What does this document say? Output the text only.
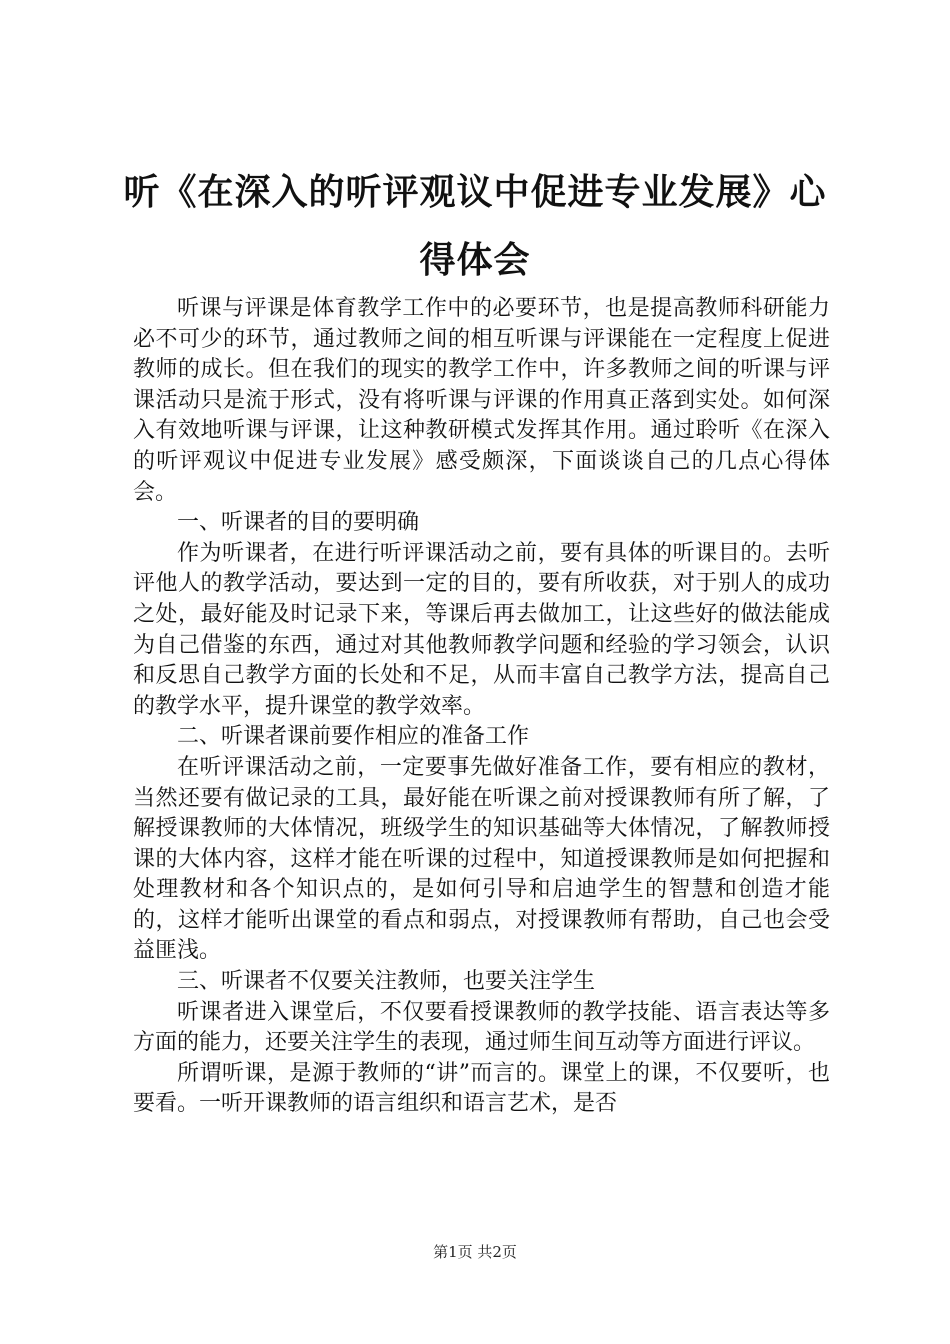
听《在深入的听评观议中促进专业发展》心得体会

听课与评课是体育教学工作中的必要环节，也是提高教师科研能力必不可少的环节，通过教师之间的相互听课与评课能在一定程度上促进教师的成长。但在我们的现实的教学工作中，许多教师之间的听课与评课活动只是流于形式，没有将听课与评课的作用真正落到实处。如何深入有效地听课与评课，让这种教研模式发挥其作用。通过聆听《在深入的听评观议中促进专业发展》感受颇深，下面谈谈自己的几点心得体会。

一、听课者的目的要明确

作为听课者，在进行听评课活动之前，要有具体的听课目的。去听评他人的教学活动，要达到一定的目的，要有所收获，对于别人的成功之处，最好能及时记录下来，等课后再去做加工，让这些好的做法能成为自己借鉴的东西，通过对其他教师教学问题和经验的学习领会，认识和反思自己教学方面的长处和不足，从而丰富自己教学方法，提高自己的教学水平，提升课堂的教学效率。

二、听课者课前要作相应的准备工作

在听评课活动之前，一定要事先做好准备工作，要有相应的教材，当然还要有做记录的工具，最好能在听课之前对授课教师有所了解，了解授课教师的大体情况，班级学生的知识基础等大体情况，了解教师授课的大体内容，这样才能在听课的过程中，知道授课教师是如何把握和处理教材和各个知识点的，是如何引导和启迪学生的智慧和创造才能的，这样才能听出课堂的看点和弱点，对授课教师有帮助，自己也会受益匪浅。

三、听课者不仅要关注教师，也要关注学生

听课者进入课堂后，不仅要看授课教师的教学技能、语言表达等多方面的能力，还要关注学生的表现，通过师生间互动等方面进行评议。

所谓听课，是源于教师的“讲”而言的。课堂上的课，不仅要听，也要看。一听开课教师的语言组织和语言艺术，是否

第1页 共2页
